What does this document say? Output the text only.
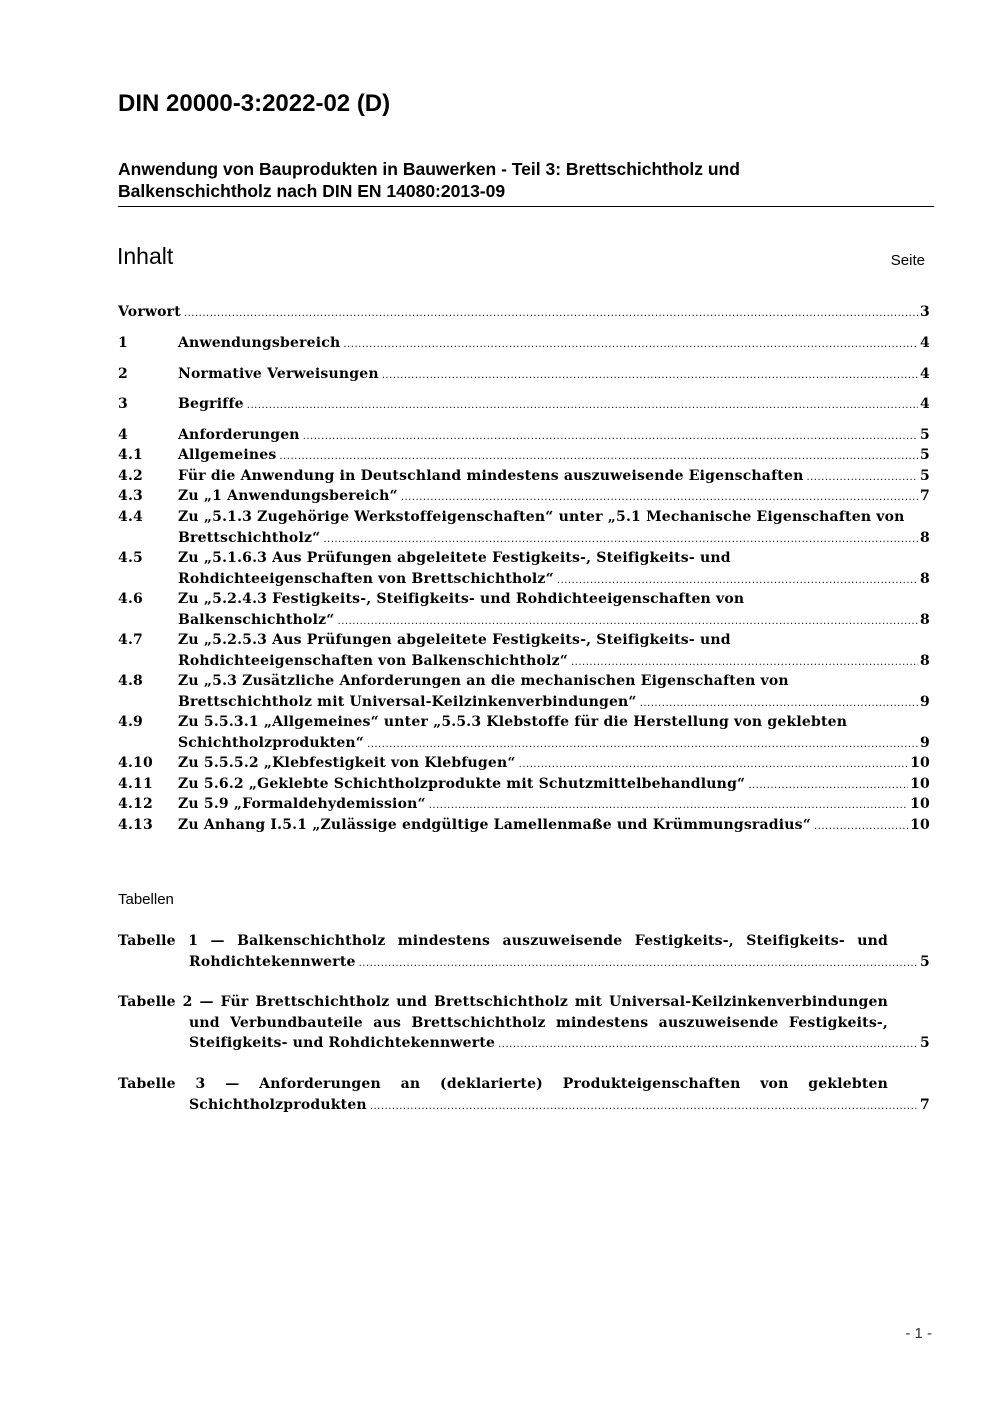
DIN 20000-3:2022-02 (D)
Anwendung von Bauprodukten in Bauwerken - Teil 3: Brettschichtholz und
Balkenschichtholz nach DIN EN 14080:2013-09
Inhalt	Seite
Vorwort .....	3
1	Anwendungsbereich .....	4
2	Normative Verweisungen .....	4
3	Begriffe .....	4
4	Anforderungen .....	5
4.1	Allgemeines .....	5
4.2	Für die Anwendung in Deutschland mindestens auszuweisende Eigenschaften .....	5
4.3	Zu „1 Anwendungsbereich“ .....	7
4.4	Zu „5.1.3 Zugehörige Werkstoffeigenschaften“ unter „5.1 Mechanische Eigenschaften von
Brettschichtholz“ .....	8
4.5	Zu „5.1.6.3 Aus Prüfungen abgeleitete Festigkeits-, Steifigkeits- und
Rohdichteeigenschaften von Brettschichtholz“ .....	8
4.6	Zu „5.2.4.3 Festigkeits-, Steifigkeits- und Rohdichteeigenschaften von
Balkenschichtholz“ .....	8
4.7	Zu „5.2.5.3 Aus Prüfungen abgeleitete Festigkeits-, Steifigkeits- und
Rohdichteeigenschaften von Balkenschichtholz“ .....	8
4.8	Zu „5.3 Zusätzliche Anforderungen an die mechanischen Eigenschaften von
Brettschichtholz mit Universal-Keilzinkenverbindungen“ .....	9
4.9	Zu 5.5.3.1 „Allgemeines“ unter „5.5.3 Klebstoffe für die Herstellung von geklebten
Schichtholzprodukten“ .....	9
4.10	Zu 5.5.5.2 „Klebfestigkeit von Klebfugen“ .....	10
4.11	Zu 5.6.2 „Geklebte Schichtholzprodukte mit Schutzmittelbehandlung“ .....	10
4.12	Zu 5.9 „Formaldehydemission“ .....	10
4.13	Zu Anhang I.5.1 „Zulässige endgültige Lamellenmaße und Krümmungsradius“ .....	10
Tabellen
Tabelle 1 — Balkenschichtholz mindestens auszuweisende Festigkeits-, Steifigkeits- und
Rohdichtekennwerte .....	5
Tabelle 2 — Für Brettschichtholz und Brettschichtholz mit Universal-Keilzinkenverbindungen
und Verbundbauteile aus Brettschichtholz mindestens auszuweisende Festigkeits-,
Steifigkeits- und Rohdichtekennwerte .....	5
Tabelle 3 — Anforderungen an (deklarierte) Produkteigenschaften von geklebten
Schichtholzprodukten .....	7
- 1 -
